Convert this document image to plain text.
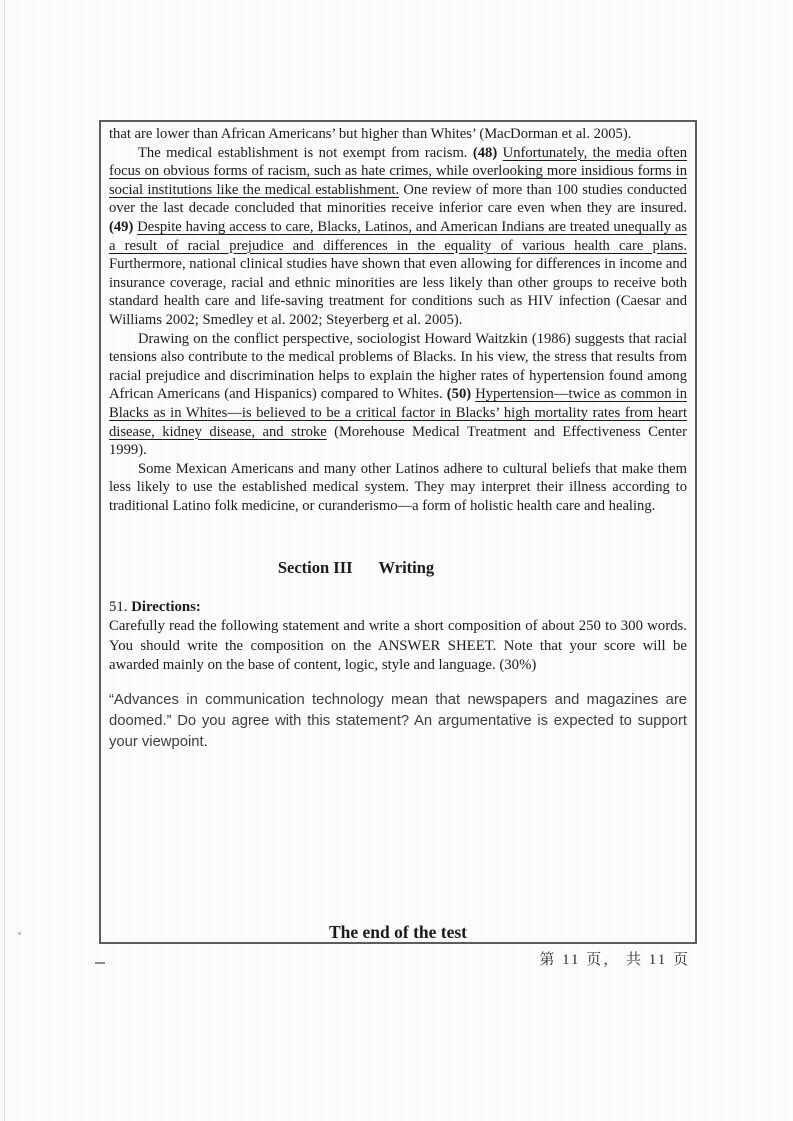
that are lower than African Americans’ but higher than Whites’ (MacDorman et al. 2005).

The medical establishment is not exempt from racism. (48) Unfortunately, the media often focus on obvious forms of racism, such as hate crimes, while overlooking more insidious forms in social institutions like the medical establishment. One review of more than 100 studies conducted over the last decade concluded that minorities receive inferior care even when they are insured. (49) Despite having access to care, Blacks, Latinos, and American Indians are treated unequally as a result of racial prejudice and differences in the equality of various health care plans. Furthermore, national clinical studies have shown that even allowing for differences in income and insurance coverage, racial and ethnic minorities are less likely than other groups to receive both standard health care and life-saving treatment for conditions such as HIV infection (Caesar and Williams 2002; Smedley et al. 2002; Steyerberg et al. 2005).

Drawing on the conflict perspective, sociologist Howard Waitzkin (1986) suggests that racial tensions also contribute to the medical problems of Blacks. In his view, the stress that results from racial prejudice and discrimination helps to explain the higher rates of hypertension found among African Americans (and Hispanics) compared to Whites. (50) Hypertension—twice as common in Blacks as in Whites—is believed to be a critical factor in Blacks’ high mortality rates from heart disease, kidney disease, and stroke (Morehouse Medical Treatment and Effectiveness Center 1999).

Some Mexican Americans and many other Latinos adhere to cultural beliefs that make them less likely to use the established medical system. They may interpret their illness according to traditional Latino folk medicine, or curanderismo—a form of holistic health care and healing.

Section III Writing

51. Directions:

Carefully read the following statement and write a short composition of about 250 to 300 words. You should write the composition on the ANSWER SHEET. Note that your score will be awarded mainly on the base of content, logic, style and language. (30%)

“Advances in communication technology mean that newspapers and magazines are doomed.” Do you agree with this statement? An argumentative is expected to support your viewpoint.

The end of the test
第 11 页， 共 11 页
